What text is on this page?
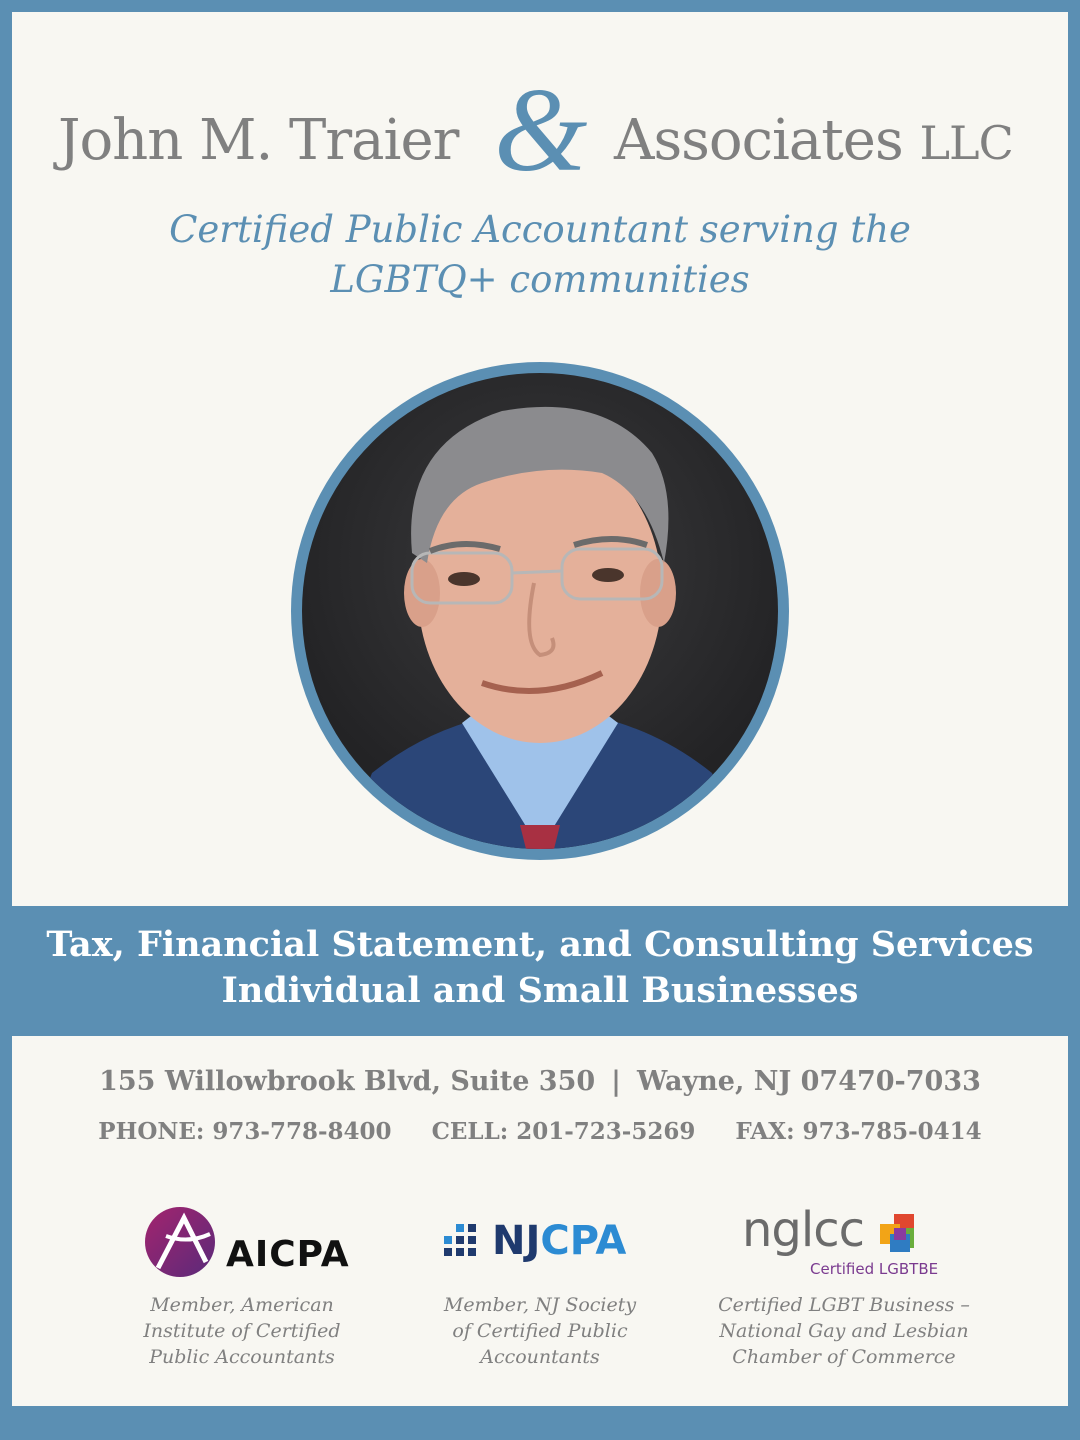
John M. Traier & Associates LLC
Certified Public Accountant serving the
LGBTQ+ communities
Tax, Financial Statement, and Consulting Services
Individual and Small Businesses
155 Willowbrook Blvd, Suite 350 | Wayne, NJ 07470-7033
PHONE: 973-778-8400 CELL: 201-723-5269 FAX: 973-785-0414
AICPA
Member, American
Institute of Certified
Public Accountants
NJCPA
Member, NJ Society
of Certified Public
Accountants
nglcc
Certified LGBTBE
Certified LGBT Business –
National Gay and Lesbian
Chamber of Commerce
